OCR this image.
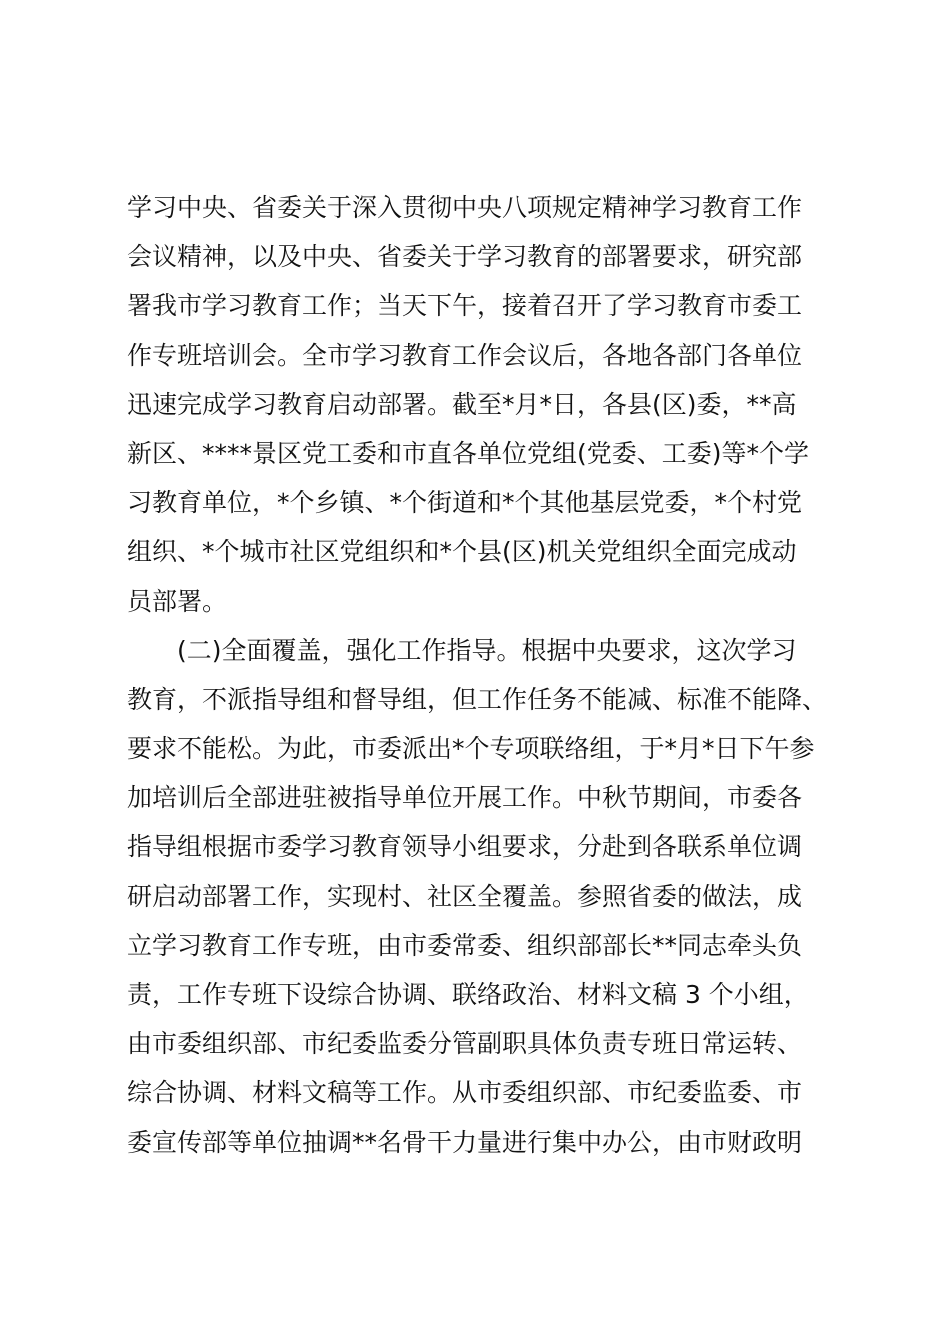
学习中央、省委关于深入贯彻中央八项规定精神学习教育工作
会议精神，以及中央、省委关于学习教育的部署要求，研究部
署我市学习教育工作；当天下午，接着召开了学习教育市委工
作专班培训会。全市学习教育工作会议后，各地各部门各单位
迅速完成学习教育启动部署。截至*月*日，各县(区)委，**高
新区、****景区党工委和市直各单位党组(党委、工委)等*个学
习教育单位，*个乡镇、*个街道和*个其他基层党委，*个村党
组织、*个城市社区党组织和*个县(区)机关党组织全面完成动
员部署。
(二)全面覆盖，强化工作指导。根据中央要求，这次学习
教育，不派指导组和督导组，但工作任务不能减、标准不能降、
要求不能松。为此，市委派出*个专项联络组，于*月*日下午参
加培训后全部进驻被指导单位开展工作。中秋节期间，市委各
指导组根据市委学习教育领导小组要求，分赴到各联系单位调
研启动部署工作，实现村、社区全覆盖。参照省委的做法，成
立学习教育工作专班，由市委常委、组织部部长**同志牵头负
责，工作专班下设综合协调、联络政治、材料文稿 3 个小组，
由市委组织部、市纪委监委分管副职具体负责专班日常运转、
综合协调、材料文稿等工作。从市委组织部、市纪委监委、市
委宣传部等单位抽调**名骨干力量进行集中办公，由市财政明
